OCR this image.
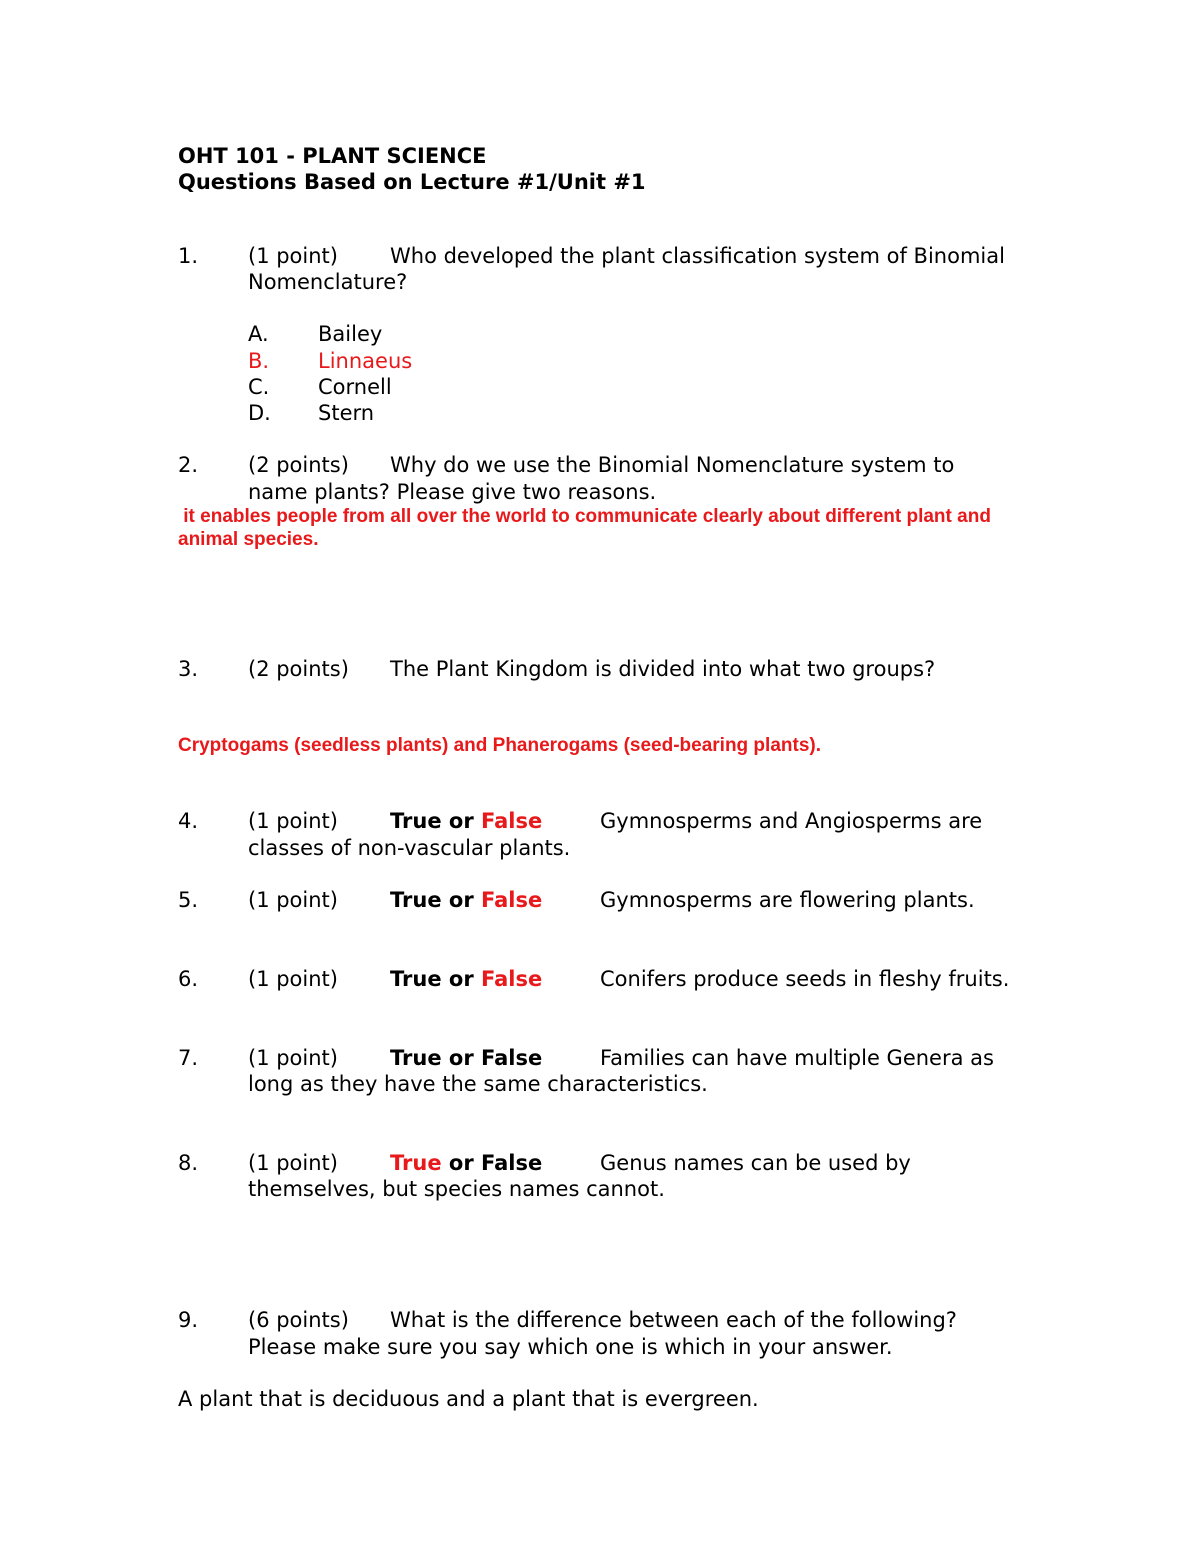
OHT 101 - PLANT SCIENCE
Questions Based on Lecture #1/Unit #1
1. (1 point) Who developed the plant classification system of Binomial
Nomenclature?
A. Bailey
B. Linnaeus
C. Cornell
D. Stern
2. (2 points) Why do we use the Binomial Nomenclature system to
name plants? Please give two reasons.
it enables people from all over the world to communicate clearly about different plant and
animal species.
3. (2 points) The Plant Kingdom is divided into what two groups?
Cryptogams (seedless plants) and Phanerogams (seed-bearing plants).
4. (1 point) True or False	Gymnosperms and Angiosperms are
classes of non-vascular plants.
5. (1 point) True or False	Gymnosperms are flowering plants.
6. (1 point) True or False	Conifers produce seeds in fleshy fruits.
7. (1 point) True or False	Families can have multiple Genera as
long as they have the same characteristics.
8. (1 point) True or False	Genus names can be used by
themselves, but species names cannot.
9. (6 points) What is the difference between each of the following?
Please make sure you say which one is which in your answer.
A plant that is deciduous and a plant that is evergreen.
